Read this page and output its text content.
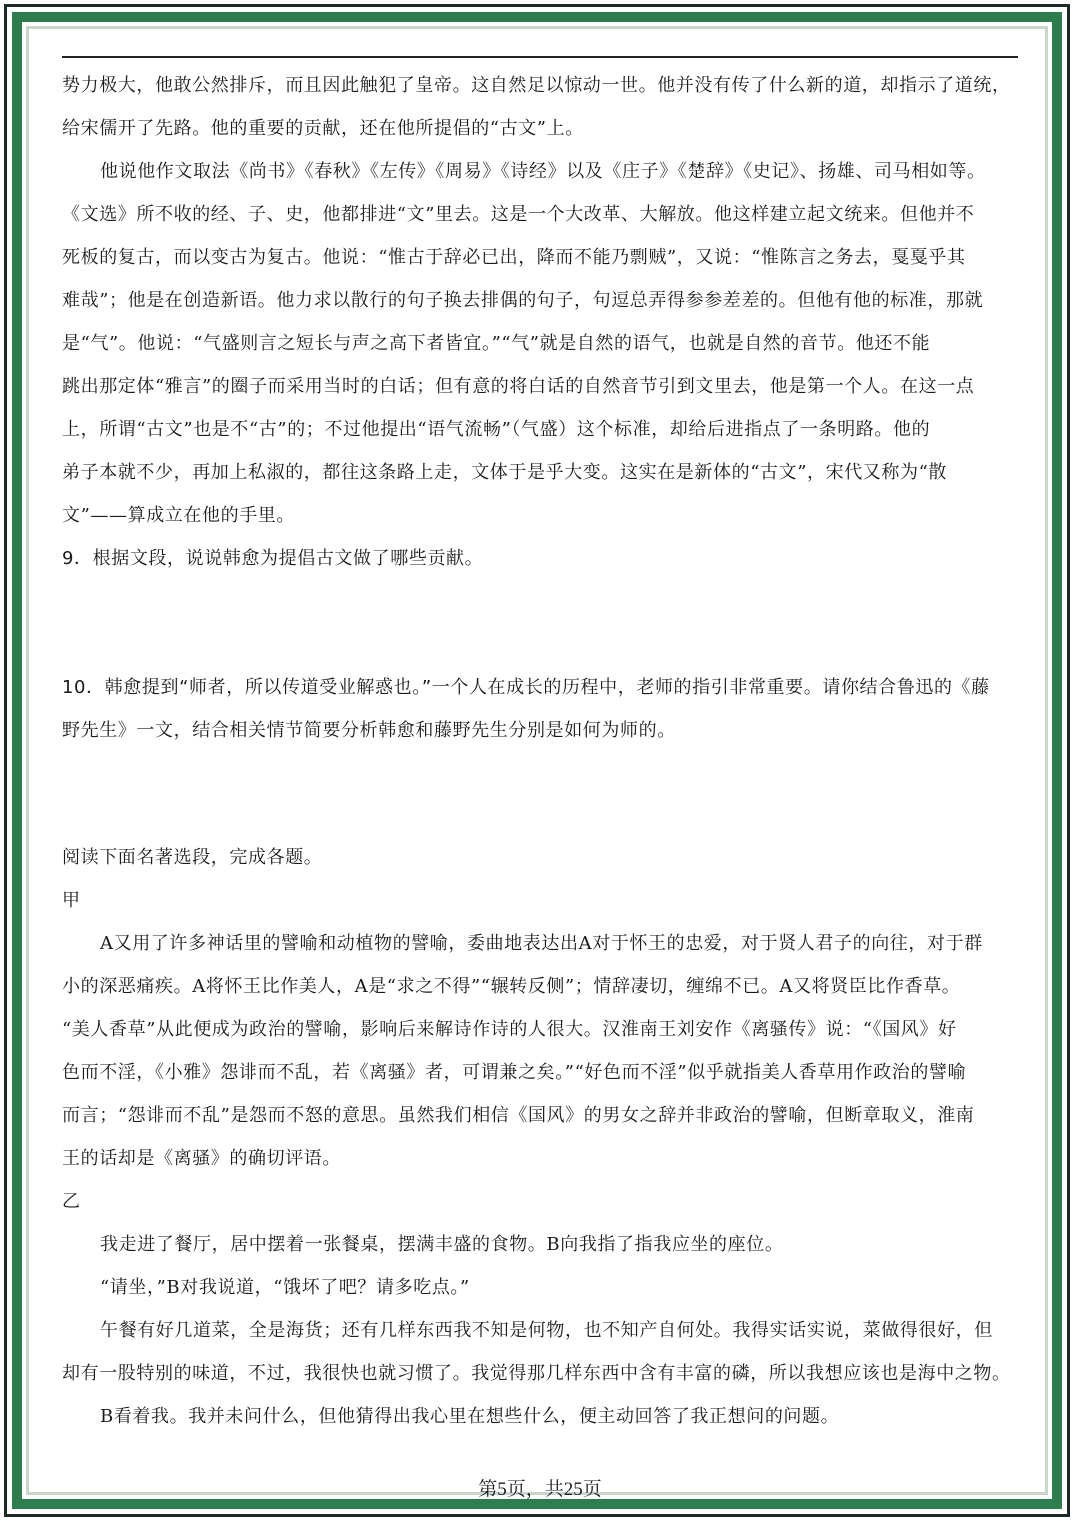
势力极大，他敢公然排斥，而且因此触犯了皇帝。这自然足以惊动一世。他并没有传了什么新的道，却指示了道统，
给宋儒开了先路。他的重要的贡献，还在他所提倡的“古文”上。
他说他作文取法《尚书》《春秋》《左传》《周易》《诗经》以及《庄子》《楚辞》《史记》、扬雄、司马相如等。
《文选》所不收的经、子、史，他都排进“文”里去。这是一个大改革、大解放。他这样建立起文统来。但他并不
死板的复古，而以变古为复古。他说：“惟古于辞必已出，降而不能乃剽贼”，又说：“惟陈言之务去，戛戛乎其
难哉”；他是在创造新语。他力求以散行的句子换去排偶的句子，句逗总弄得参参差差的。但他有他的标准，那就
是“气”。他说：“气盛则言之短长与声之高下者皆宜。”“气”就是自然的语气，也就是自然的音节。他还不能
跳出那定体“雅言”的圈子而采用当时的白话；但有意的将白话的自然音节引到文里去，他是第一个人。在这一点
上，所谓“古文”也是不“古”的；不过他提出“语气流畅”（气盛）这个标准，却给后进指点了一条明路。他的
弟子本就不少，再加上私淑的，都往这条路上走，文体于是乎大变。这实在是新体的“古文”，宋代又称为“散
文”——算成立在他的手里。
9．根据文段，说说韩愈为提倡古文做了哪些贡献。
10．韩愈提到“师者，所以传道受业解惑也。”一个人在成长的历程中，老师的指引非常重要。请你结合鲁迅的《藤
野先生》一文，结合相关情节简要分析韩愈和藤野先生分别是如何为师的。
阅读下面名著选段，完成各题。
甲
A又用了许多神话里的譬喻和动植物的譬喻，委曲地表达出A对于怀王的忠爱，对于贤人君子的向往，对于群
小的深恶痛疾。A将怀王比作美人，A是“求之不得”“辗转反侧”；情辞凄切，缠绵不已。A又将贤臣比作香草。
“美人香草”从此便成为政治的譬喻，影响后来解诗作诗的人很大。汉淮南王刘安作《离骚传》说：“《国风》好
色而不淫，《小雅》怨诽而不乱，若《离骚》者，可谓兼之矣。”“好色而不淫”似乎就指美人香草用作政治的譬喻
而言；“怨诽而不乱”是怨而不怒的意思。虽然我们相信《国风》的男女之辞并非政治的譬喻，但断章取义，淮南
王的话却是《离骚》的确切评语。
乙
我走进了餐厅，居中摆着一张餐桌，摆满丰盛的食物。B向我指了指我应坐的座位。
“请坐，”B对我说道，“饿坏了吧？请多吃点。”
午餐有好几道菜，全是海货；还有几样东西我不知是何物，也不知产自何处。我得实话实说，菜做得很好，但
却有一股特别的味道，不过，我很快也就习惯了。我觉得那几样东西中含有丰富的磷，所以我想应该也是海中之物。
B看着我。我并未问什么，但他猜得出我心里在想些什么，便主动回答了我正想问的问题。
第5页，共25页
